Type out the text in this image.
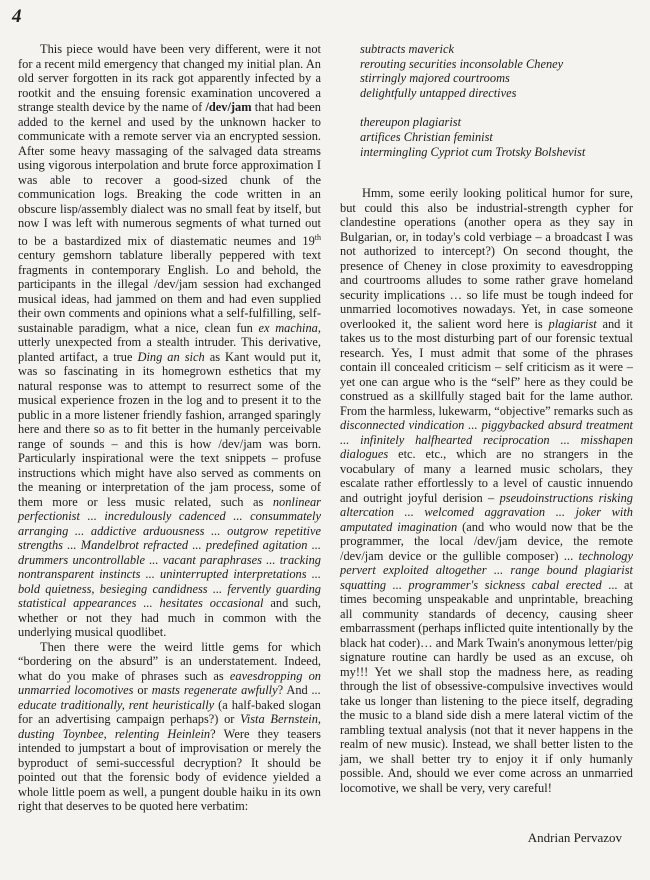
4

This piece would have been very different, were it not for a recent mild emergency that changed my initial plan. An old server forgotten in its rack got apparently infected by a rootkit and the ensuing forensic examination uncovered a strange stealth device by the name of /dev/jam that had been added to the kernel and used by the unknown hacker to communicate with a remote server via an encrypted session. After some heavy massaging of the salvaged data streams using vigorous interpolation and brute force approximation I was able to recover a good-sized chunk of the communication logs. Breaking the code written in an obscure lisp/assembly dialect was no small feat by itself, but now I was left with numerous segments of what turned out to be a bastardized mix of diastematic neumes and 19th century gemshorn tablature liberally peppered with text fragments in contemporary English. Lo and behold, the participants in the illegal /dev/jam session had exchanged musical ideas, had jammed on them and had even supplied their own comments and opinions what a self-fulfilling, self-sustainable paradigm, what a nice, clean fun ex machina, utterly unexpected from a stealth intruder. This derivative, planted artifact, a true Ding an sich as Kant would put it, was so fascinating in its homegrown esthetics that my natural response was to attempt to resurrect some of the musical experience frozen in the log and to present it to the public in a more listener friendly fashion, arranged sparingly here and there so as to fit better in the humanly perceivable range of sounds – and this is how /dev/jam was born. Particularly inspirational were the text snippets – profuse instructions which might have also served as comments on the meaning or interpretation of the jam process, some of them more or less music related, such as nonlinear perfectionist ... incredulously cadenced ... consummately arranging ... addictive arduousness ... outgrow repetitive strengths ... Mandelbrot refracted ... predefined agitation ... drummers uncontrollable ... vacant paraphrases ... tracking nontransparent instincts ... uninterrupted interpretations ... bold quietness, besieging candidness ... fervently guarding statistical appearances ... hesitates occasional and such, whether or not they had much in common with the underlying musical quodlibet.

Then there were the weird little gems for which “bordering on the absurd” is an understatement. Indeed, what do you make of phrases such as eavesdropping on unmarried locomotives or masts regenerate awfully? And ... educate traditionally, rent heuristically (a half-baked slogan for an advertising campaign perhaps?) or Vista Bernstein, dusting Toynbee, relenting Heinlein? Were they teasers intended to jumpstart a bout of improvisation or merely the byproduct of semi-successful decryption? It should be pointed out that the forensic body of evidence yielded a whole little poem as well, a pungent double haiku in its own right that deserves to be quoted here verbatim:

subtracts maverick
rerouting securities inconsolable Cheney
stirringly majored courtrooms
delightfully untapped directives
thereupon plagiarist
artifices Christian feminist
intermingling Cypriot cum Trotsky Bolshevist

Hmm, some eerily looking political humor for sure, but could this also be industrial-strength cypher for clandestine operations (another opera as they say in Bulgarian, or, in today's cold verbiage – a broadcast I was not authorized to intercept?) On second thought, the presence of Cheney in close proximity to eavesdropping and courtrooms alludes to some rather grave homeland security implications … so life must be tough indeed for unmarried locomotives nowadays. Yet, in case someone overlooked it, the salient word here is plagiarist and it takes us to the most disturbing part of our forensic textual research. Yes, I must admit that some of the phrases contain ill concealed criticism – self criticism as it were – yet one can argue who is the “self” here as they could be construed as a skillfully staged bait for the lame author. From the harmless, lukewarm, “objective” remarks such as disconnected vindication ... piggybacked absurd treatment ... infinitely halfhearted reciprocation ... misshapen dialogues etc. etc., which are no strangers in the vocabulary of many a learned music scholars, they escalate rather effortlessly to a level of caustic innuendo and outright joyful derision – pseudoinstructions risking altercation ... welcomed aggravation ... joker with amputated imagination (and who would now that be the programmer, the local /dev/jam device, the remote /dev/jam device or the gullible composer) ... technology pervert exploited altogether ... range bound plagiarist squatting ... programmer's sickness cabal erected ... at times becoming unspeakable and unprintable, breaching all community standards of decency, causing sheer embarrassment (perhaps inflicted quite intentionally by the black hat coder)… and Mark Twain's anonymous letter/pig signature routine can hardly be used as an excuse, oh my!!! Yet we shall stop the madness here, as reading through the list of obsessive-compulsive invectives would take us longer than listening to the piece itself, degrading the music to a bland side dish a mere lateral victim of the rambling textual analysis (not that it never happens in the realm of new music). Instead, we shall better listen to the jam, we shall better try to enjoy it if only humanly possible. And, should we ever come across an unmarried locomotive, we shall be very, very careful!

Andrian Pervazov
